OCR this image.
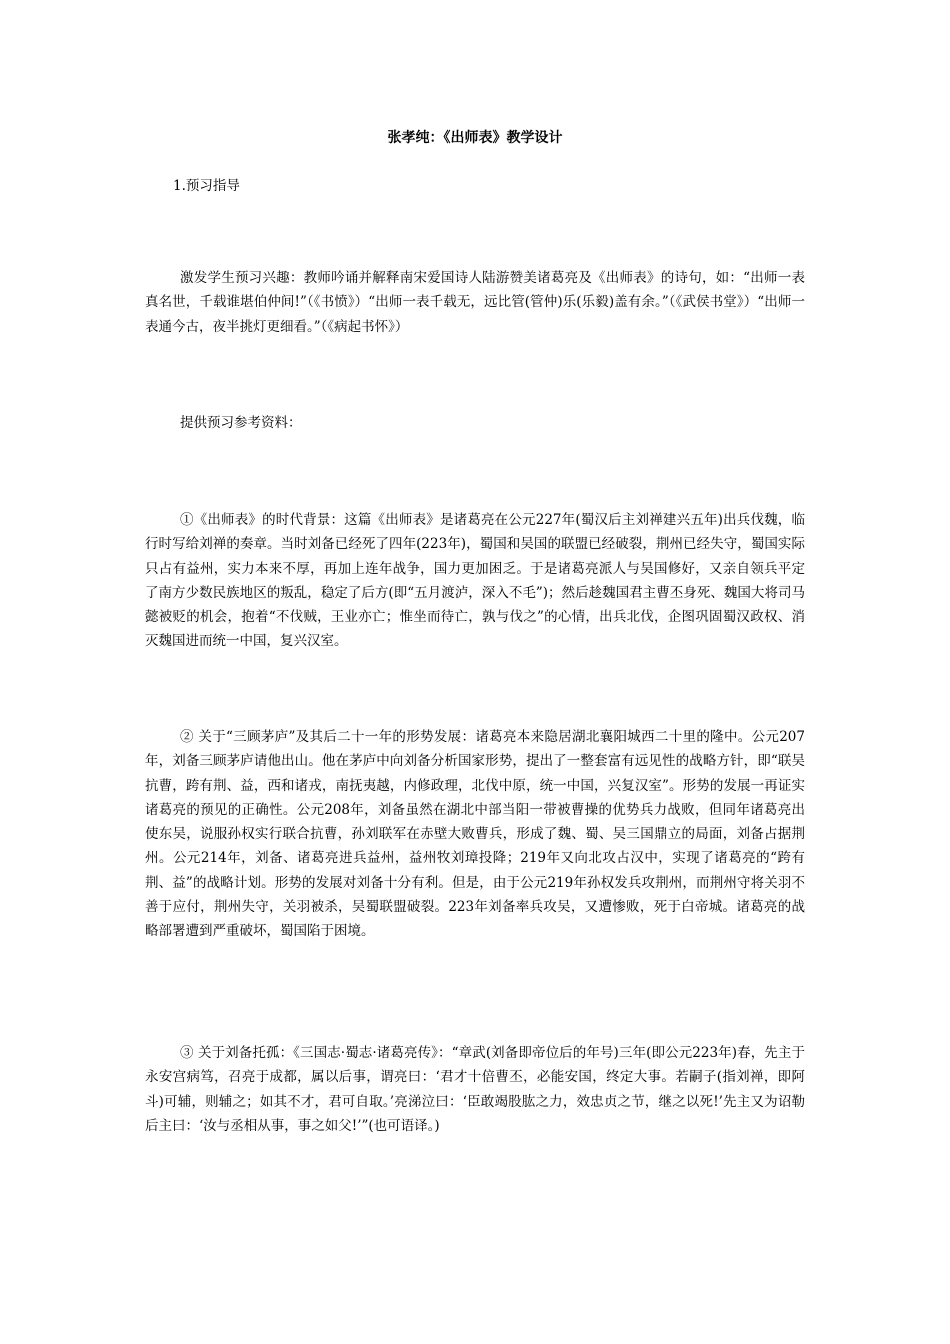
张孝纯：《出师表》教学设计
1.预习指导
激发学生预习兴趣：教师吟诵并解释南宋爱国诗人陆游赞美诸葛亮及《出师表》的诗句，如：“出师一表真名世，千载谁堪伯仲间!”（《书愤》）“出师一表千载无，远比管(管仲)乐(乐毅)盖有余。”（《武侯书堂》）“出师一表通今古，夜半挑灯更细看。”（《病起书怀》）
提供预习参考资料：
①《出师表》的时代背景：这篇《出师表》是诸葛亮在公元227年(蜀汉后主刘禅建兴五年)出兵伐魏，临行时写给刘禅的奏章。当时刘备已经死了四年(223年)，蜀国和吴国的联盟已经破裂，荆州已经失守，蜀国实际只占有益州，实力本来不厚，再加上连年战争，国力更加困乏。于是诸葛亮派人与吴国修好，又亲自领兵平定了南方少数民族地区的叛乱，稳定了后方(即“五月渡泸，深入不毛”)；然后趁魏国君主曹丕身死、魏国大将司马懿被贬的机会，抱着“不伐贼，王业亦亡；惟坐而待亡，孰与伐之”的心情，出兵北伐，企图巩固蜀汉政权、消灭魏国进而统一中国，复兴汉室。
② 关于“三顾茅庐”及其后二十一年的形势发展：诸葛亮本来隐居湖北襄阳城西二十里的隆中。公元207年，刘备三顾茅庐请他出山。他在茅庐中向刘备分析国家形势，提出了一整套富有远见性的战略方针，即“联吴抗曹，跨有荆、益，西和诸戎，南抚夷越，内修政理，北伐中原，统一中国，兴复汉室”。形势的发展一再证实诸葛亮的预见的正确性。公元208年，刘备虽然在湖北中部当阳一带被曹操的优势兵力战败，但同年诸葛亮出使东吴，说服孙权实行联合抗曹，孙刘联军在赤壁大败曹兵，形成了魏、蜀、吴三国鼎立的局面，刘备占据荆州。公元214年，刘备、诸葛亮进兵益州，益州牧刘璋投降；219年又向北攻占汉中，实现了诸葛亮的“跨有荆、益”的战略计划。形势的发展对刘备十分有利。但是，由于公元219年孙权发兵攻荆州，而荆州守将关羽不善于应付，荆州失守，关羽被杀，吴蜀联盟破裂。223年刘备率兵攻吴，又遭惨败，死于白帝城。诸葛亮的战略部署遭到严重破坏，蜀国陷于困境。
③ 关于刘备托孤：《三国志·蜀志·诸葛亮传》：“章武(刘备即帝位后的年号)三年(即公元223年)春，先主于永安宫病笃，召亮于成都，属以后事，谓亮曰：‘君才十倍曹丕，必能安国，终定大事。若嗣子(指刘禅，即阿斗)可辅，则辅之；如其不才，君可自取。’亮涕泣曰：‘臣敢竭股肱之力，效忠贞之节，继之以死!’先主又为诏勒后主曰：‘汝与丞相从事，事之如父!’”(也可语译。)
